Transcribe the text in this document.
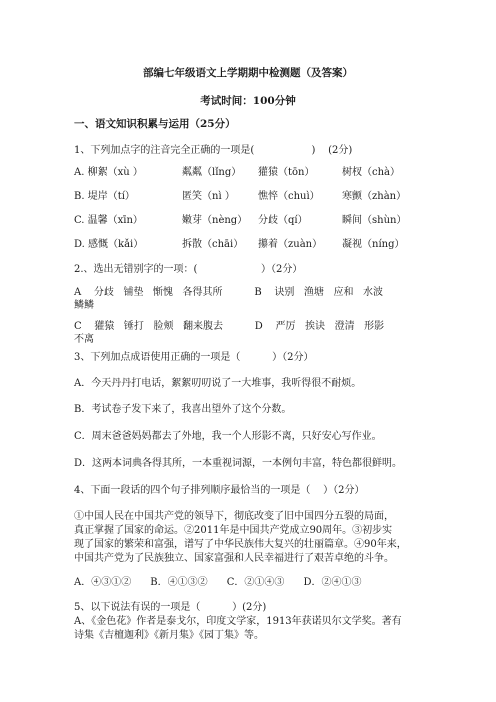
部编七年级语文上学期期中检测题（及答案）
考试时间：100分钟
一、语文知识积累与运用（25分）
1、下列加点字的注音完全正确的一项是(                  )    (2分)
A. 柳絮（xù ）	粼粼（lǐng） 獾猿（tōn）	树杈（chà）
B. 堤岸（tí）	匿笑（nì ） 憔悴（chuì） 寒颤（zhàn）
C. 温馨（xīn）	嫩芽（nèng） 分歧（qí）	瞬间（shùn）
D. 感慨（kǎi）	拆散（chāi） 攥着（zuàn） 凝视（níng）
2.、选出无错别字的一项：(                    ）（2分）
A    分歧   铺垫   惭愧   各得其所          B    诀别   渔塘   应和   水波
鳞鳞
C    獾猿   锤打   脸颊   翻来腹去          D    严厉   挨诀   澄清   形影
不离
3、下列加点成语使用正确的一项是（          ）（2分）
A．今天丹丹打电话，絮絮叨叨说了一大堆事，我听得很不耐烦。
B．考试卷子发下来了，我喜出望外了这个分数。
C．周末爸爸妈妈都去了外地，我一个人形影不离，只好安心写作业。
D．这两本词典各得其所，一本重视词源，一本例句丰富，特色都很鲜明。
4、下面一段话的四个句子排列顺序最恰当的一项是（    ）（2分）
①中国人民在中国共产党的领导下，彻底改变了旧中国四分五裂的局面，
真正掌握了国家的命运。②2011年是中国共产党成立90周年。③初步实
现了国家的繁荣和富强，谱写了中华民族伟大复兴的壮丽篇章。④90年来，
中国共产党为了民族独立、国家富强和人民幸福进行了艰苦卓绝的斗争。
A．④③①②      B．④①③②      C．②①④③      D．②④①③
5、以下说法有误的一项是（          ）(2分)
A、《金色花》作者是泰戈尔，印度文学家，1913年获诺贝尔文学奖。著有
诗集《吉檀迦利》《新月集》《园丁集》等。
